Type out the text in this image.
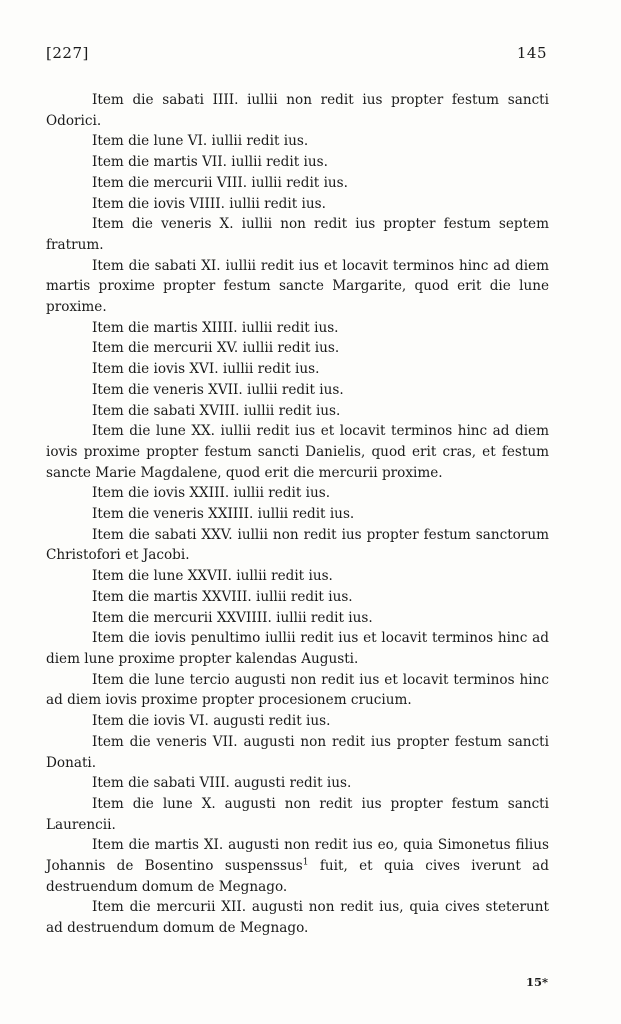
[227]	145

Item die sabati IIII. iullii non redit ius propter festum sancti Odorici.

Item die lune VI. iullii redit ius.

Item die martis VII. iullii redit ius.

Item die mercurii VIII. iullii redit ius.

Item die iovis VIIII. iullii redit ius.

Item die veneris X. iullii non redit ius propter festum septem fratrum.

Item die sabati XI. iullii redit ius et locavit terminos hinc ad diem martis proxime propter festum sancte Margarite, quod erit die lune proxime.

Item die martis XIIII. iullii redit ius.

Item die mercurii XV. iullii redit ius.

Item die iovis XVI. iullii redit ius.

Item die veneris XVII. iullii redit ius.

Item die sabati XVIII. iullii redit ius.

Item die lune XX. iullii redit ius et locavit terminos hinc ad diem iovis proxime propter festum sancti Danielis, quod erit cras, et festum sancte Marie Magdalene, quod erit die mercurii proxime.

Item die iovis XXIII. iullii redit ius.

Item die veneris XXIIII. iullii redit ius.

Item die sabati XXV. iullii non redit ius propter festum sanctorum Christofori et Jacobi.

Item die lune XXVII. iullii redit ius.

Item die martis XXVIII. iullii redit ius.

Item die mercurii XXVIIII. iullii redit ius.

Item die iovis penultimo iullii redit ius et locavit terminos hinc ad diem lune proxime propter kalendas Augusti.

Item die lune tercio augusti non redit ius et locavit terminos hinc ad diem iovis proxime propter procesionem crucium.

Item die iovis VI. augusti redit ius.

Item die veneris VII. augusti non redit ius propter festum sancti Donati.

Item die sabati VIII. augusti redit ius.

Item die lune X. augusti non redit ius propter festum sancti Laurencii.

Item die martis XI. augusti non redit ius eo, quia Simonetus filius Johannis de Bosentino suspenssus$^1$ fuit, et quia cives iverunt ad destruendum domum de Megnago.

Item die mercurii XII. augusti non redit ius, quia cives steterunt ad destruendum domum de Megnago.

15*
